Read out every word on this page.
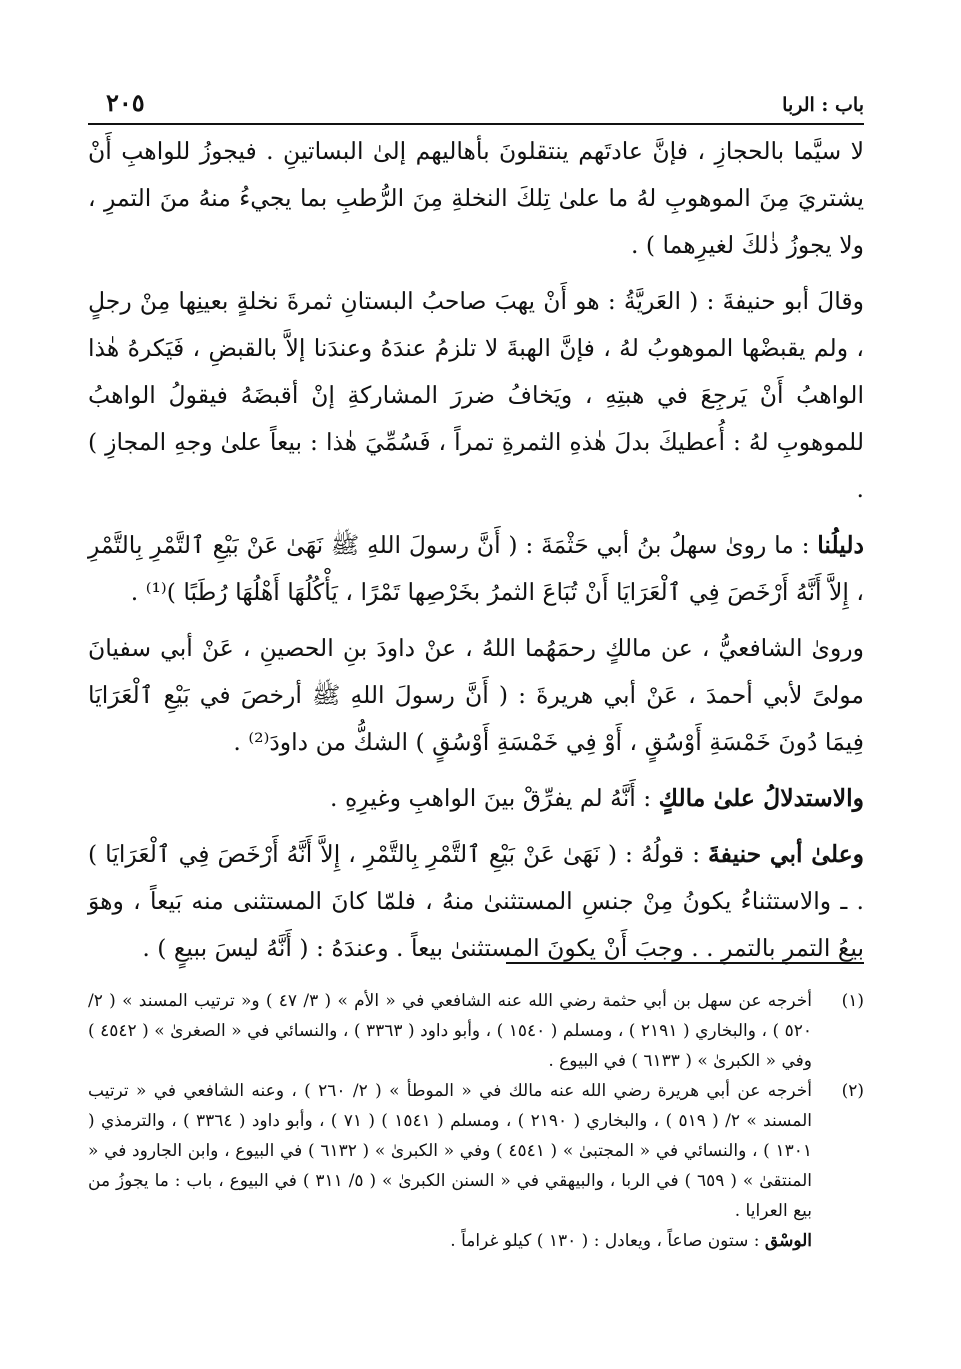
باب : الربا
٢٠٥

لا سيَّما بالحجازِ ، فإنَّ عادتَهم ينتقلونَ بأهاليهم إلىٰ البساتينِ . فيجوزُ للواهبِ أَنْ يشتريَ مِنَ الموهوبِ لهُ ما علىٰ تِلكَ النخلةِ مِنَ الرُّطبِ بما يجيءُ منهُ منَ التمرِ ، ولا يجوزُ ذٰلكَ لغيرِهما ) .

وقالَ أبو حنيفةَ : ( العَريَّةُ : هو أَنْ يهبَ صاحبُ البستانِ ثمرةَ نخلةٍ بعينِها مِنْ رجلٍ ، ولم يقبضْها الموهوبُ لهُ ، فإنَّ الهبةَ لا تلزمُ عندَهُ وعندَنا إلاَّ بالقبضِ ، فَيَكرهُ هٰذا الواهبُ أَنْ يَرجِعَ في هبتِهِ ، ويَخافُ ضررَ المشاركةِ إنْ أقبضَهُ فيقولُ الواهبُ للموهوبِ لهُ : أُعطيكَ بدلَ هٰذهِ الثمرةِ تمراً ، فَسُمِّيَ هٰذا : بيعاً علىٰ وجهِ المجازِ ) .

دليلُنا : ما روىٰ سهلُ بنُ أبي حَثْمَةَ : ( أَنَّ رسولَ اللهِ ﷺ نَهَىٰ عَنْ بَيْعِ ٱلتَّمْرِ بِالتَّمْرِ ، إِلاَّ أَنَّهُ أَرْخَصَ فِي ٱلْعَرَايَا أَنْ تُبَاعَ الثمرُ بخَرْصِها تَمْرًا ، يَأْكُلُهَا أَهْلُهَا رُطَبًا )⁽¹⁾ .

وروىٰ الشافعيُّ ، عن مالكٍ رحمَهُما اللهُ ، عنْ داودَ بنِ الحصينِ ، عَنْ أبي سفيانَ مولىً لأبي أحمدَ ، عَنْ أبي هريرةَ : ( أَنَّ رسولَ اللهِ ﷺ أرخصَ في بَيْعِ ٱلْعَرَايَا فِيمَا دُونَ خَمْسَةِ أَوْسُقٍ ، أَوْ فِي خَمْسَةِ أَوْسُقٍ ) الشكُّ من داودَ⁽²⁾ .

والاستدلالُ علىٰ مالكٍ : أَنَّهُ لم يفرِّقْ بينَ الواهبِ وغيرِهِ .

وعلىٰ أبي حنيفةَ : قولُهُ : ( نَهَىٰ عَنْ بَيْعِ ٱلتَّمْرِ بِالتَّمْرِ ، إِلاَّ أَنَّهُ أَرْخَصَ فِي ٱلْعَرَايَا ) . ـ والاستثناءُ يكونُ مِنْ جنسِ المستثنىٰ منهُ ، فلمّا كانَ المستثنى منه بَيعاً ، وهوَ بيعُ التمرِ بالتمرِ . . وجبَ أَنْ يكونَ المستثنىٰ بيعاً . وعندَهُ : ( أَنَّهُ ليسَ ببيعٍ ) .

(١)
أخرجه عن سهل بن أبي حثمة رضي الله عنه الشافعي في « الأم » ( ٣/ ٤٧ ) و« ترتيب المسند » ( ٢/ ٥٢٠ ) ، والبخاري ( ٢١٩١ ) ، ومسلم ( ١٥٤٠ ) ، وأبو داود ( ٣٣٦٣ ) ، والنسائي في « الصغرىٰ » ( ٤٥٤٢ ) وفي « الكبرىٰ » ( ٦١٣٣ ) في البيوع .

(٢)
أخرجه عن أبي هريرة رضي الله عنه مالك في « الموطأ » ( ٢/ ٢٦٠ ) ، وعنه الشافعي في « ترتيب المسند » ٢/ ( ٥١٩ ) ، والبخاري ( ٢١٩٠ ) ، ومسلم ( ١٥٤١ ) ( ٧١ ) ، وأبو داود ( ٣٣٦٤ ) ، والترمذي ( ١٣٠١ ) ، والنسائي في « المجتبىٰ » ( ٤٥٤١ ) وفي « الكبرىٰ » ( ٦١٣٢ ) في البيوع ، وابن الجارود في « المنتقىٰ » ( ٦٥٩ ) في الربا ، والبيهقي في « السنن الكبرىٰ » ( ٥/ ٣١١ ) في البيوع ، باب : ما يجوزُ من بيع العرايا .

الوسْق : ستون صاعاً ، ويعادل : ( ١٣٠ ) كيلو غراماً .
